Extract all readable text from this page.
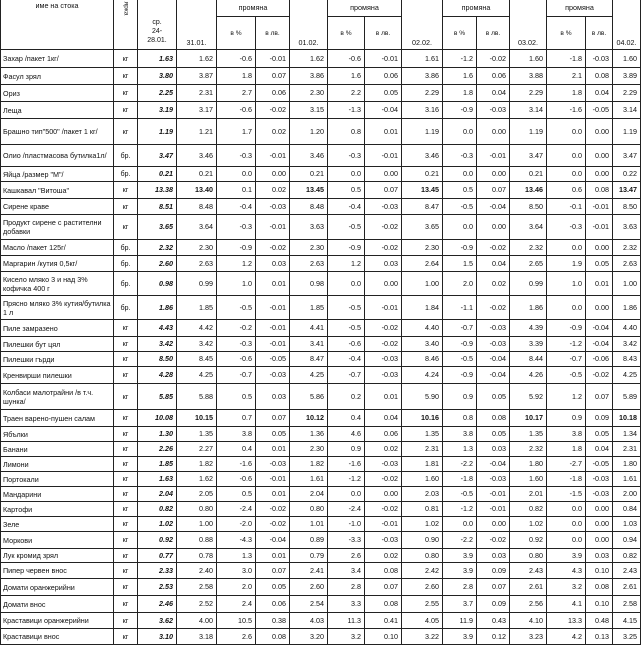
име на стока	ярка	ср.
24-
28.01.	31.01.	промяна		01.02.	промяна		02.02.	промяна		03.02.	промяна		04.02.	
				в %	в лв.		в %	в лв.		в %	в лв.		в %	в лв.		
Захар /пакет 1кг/	кг	1.63	1.62	-0.6	-0.01	1.62	-0.6	-0.01	1.61	-1.2	-0.02	1.60	-1.8	-0.03	1.60		
Фасул зрял	кг	3.80	3.87	1.8	0.07	3.86	1.6	0.06	3.86	1.6	0.06	3.88	2.1	0.08	3.89		
Ориз	кг	2.25	2.31	2.7	0.06	2.30	2.2	0.05	2.29	1.8	0.04	2.29	1.8	0.04	2.29		
Леща	кг	3.19	3.17	-0.6	-0.02	3.15	-1.3	-0.04	3.16	-0.9	-0.03	3.14	-1.6	-0.05	3.14		
Брашно тип"500" /пакет 1 кг/	кг	1.19	1.21	1.7	0.02	1.20	0.8	0.01	1.19	0.0	0.00	1.19	0.0	0.00	1.19		
Олио /пластмасова бутилка1л/	бр.	3.47	3.46	-0.3	-0.01	3.46	-0.3	-0.01	3.46	-0.3	-0.01	3.47	0.0	0.00	3.47		
Яйца /размер "М"/	бр.	0.21	0.21	0.0	0.00	0.21	0.0	0.00	0.21	0.0	0.00	0.21	0.0	0.00	0.22		
Кашкавал "Витоша"	кг	13.38	13.40	0.1	0.02	13.45	0.5	0.07	13.45	0.5	0.07	13.46	0.6	0.08	13.47		
Сирене краве	кг	8.51	8.48	-0.4	-0.03	8.48	-0.4	-0.03	8.47	-0.5	-0.04	8.50	-0.1	-0.01	8.50		
Продукт сирене с растителни добавки	кг	3.65	3.64	-0.3	-0.01	3.63	-0.5	-0.02	3.65	0.0	0.00	3.64	-0.3	-0.01	3.63		
Масло /пакет 125г/	бр.	2.32	2.30	-0.9	-0.02	2.30	-0.9	-0.02	2.30	-0.9	-0.02	2.32	0.0	0.00	2.32		
Маргарин /кутия 0,5кг/	бр.	2.60	2.63	1.2	0.03	2.63	1.2	0.03	2.64	1.5	0.04	2.65	1.9	0.05	2.63		
Кисело мляко 3 и над 3% кофичка 400 г	бр.	0.98	0.99	1.0	0.01	0.98	0.0	0.00	1.00	2.0	0.02	0.99	1.0	0.01	1.00		
Прясно мляко 3% кутия/бутилка 1 л	бр.	1.86	1.85	-0.5	-0.01	1.85	-0.5	-0.01	1.84	-1.1	-0.02	1.86	0.0	0.00	1.86		
Пиле замразено	кг	4.43	4.42	-0.2	-0.01	4.41	-0.5	-0.02	4.40	-0.7	-0.03	4.39	-0.9	-0.04	4.40		
Пилешки бут цял	кг	3.42	3.42	-0.3	-0.01	3.41	-0.6	-0.02	3.40	-0.9	-0.03	3.39	-1.2	-0.04	3.42		
Пилешки гърди	кг	8.50	8.45	-0.6	-0.05	8.47	-0.4	-0.03	8.46	-0.5	-0.04	8.44	-0.7	-0.06	8.43		
Кренвирши пилешки	кг	4.28	4.25	-0.7	-0.03	4.25	-0.7	-0.03	4.24	-0.9	-0.04	4.26	-0.5	-0.02	4.25		
Колбаси малотрайни /в т.ч. шунка/	кг	5.85	5.88	0.5	0.03	5.86	0.2	0.01	5.90	0.9	0.05	5.92	1.2	0.07	5.89		
Траен варено-пушен салам	кг	10.08	10.15	0.7	0.07	10.12	0.4	0.04	10.16	0.8	0.08	10.17	0.9	0.09	10.18		
Ябълки	кг	1.30	1.35	3.8	0.05	1.36	4.6	0.06	1.35	3.8	0.05	1.35	3.8	0.05	1.34		
Банани	кг	2.26	2.27	0.4	0.01	2.30	0.9	0.02	2.31	1.3	0.03	2.32	1.8	0.04	2.31		
Лимони	кг	1.85	1.82	-1.6	-0.03	1.82	-1.6	-0.03	1.81	-2.2	-0.04	1.80	-2.7	-0.05	1.80		
Портокали	кг	1.63	1.62	-0.6	-0.01	1.61	-1.2	-0.02	1.60	-1.8	-0.03	1.60	-1.8	-0.03	1.61		
Мандарини	кг	2.04	2.05	0.5	0.01	2.04	0.0	0.00	2.03	-0.5	-0.01	2.01	-1.5	-0.03	2.00		
Картофи	кг	0.82	0.80	-2.4	-0.02	0.80	-2.4	-0.02	0.81	-1.2	-0.01	0.82	0.0	0.00	0.84		
Зеле	кг	1.02	1.00	-2.0	-0.02	1.01	-1.0	-0.01	1.02	0.0	0.00	1.02	0.0	0.00	1.03		
Моркови	кг	0.92	0.88	-4.3	-0.04	0.89	-3.3	-0.03	0.90	-2.2	-0.02	0.92	0.0	0.00	0.94		
Лук кромид зрял	кг	0.77	0.78	1.3	0.01	0.79	2.6	0.02	0.80	3.9	0.03	0.80	3.9	0.03	0.82		
Пипер червен внос	кг	2.33	2.40	3.0	0.07	2.41	3.4	0.08	2.42	3.9	0.09	2.43	4.3	0.10	2.43		
Домати оранжерийни	кг	2.53	2.58	2.0	0.05	2.60	2.8	0.07	2.60	2.8	0.07	2.61	3.2	0.08	2.61		
Домати внос	кг	2.46	2.52	2.4	0.06	2.54	3.3	0.08	2.55	3.7	0.09	2.56	4.1	0.10	2.58		
Краставици оранжерийни	кг	3.62	4.00	10.5	0.38	4.03	11.3	0.41	4.05	11.9	0.43	4.10	13.3	0.48	4.15		
Краставици внос	кг	3.10	3.18	2.6	0.08	3.20	3.2	0.10	3.22	3.9	0.12	3.23	4.2	0.13	3.25		
